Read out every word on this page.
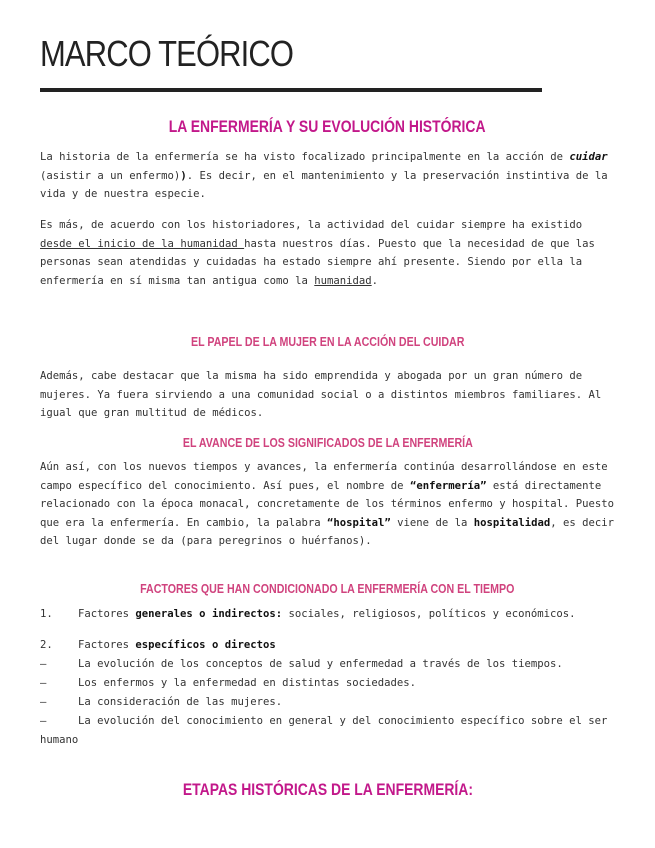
MARCO TEÓRICO
LA ENFERMERÍA Y SU EVOLUCIÓN HISTÓRICA

La historia de la enfermería se ha visto focalizado principalmente en la acción de cuidar
(asistir a un enfermo)). Es decir, en el mantenimiento y la preservación instintiva de la vida y de nuestra especie.

Es más, de acuerdo con los historiadores, la actividad del cuidar siempre ha existido
desde el inicio de la humanidad hasta nuestros días. Puesto que la necesidad de que las personas sean atendidas y cuidadas ha estado siempre ahí presente. Siendo por ella la enfermería en sí misma tan antigua como la humanidad.

EL PAPEL DE LA MUJER EN LA ACCIÓN DEL CUIDAR

Además, cabe destacar que la misma ha sido emprendida y abogada por un gran número de
mujeres. Ya fuera sirviendo a una comunidad social o a distintos miembros familiares. Al
igual que gran multitud de médicos.

EL AVANCE DE LOS SIGNIFICADOS DE LA ENFERMERÍA

Aún así, con los nuevos tiempos y avances, la enfermería continúa desarrollándose en este
campo específico del conocimiento. Así pues, el nombre de “enfermería” está directamente
relacionado con la época monacal, concretamente de los términos enfermo y hospital. Puesto
que era la enfermería. En cambio, la palabra “hospital” viene de la hospitalidad, es decir
del lugar donde se da (para peregrinos o huérfanos).

FACTORES QUE HAN CONDICIONADO LA ENFERMERÍA CON EL TIEMPO
1. Factores generales o indirectos: sociales, religiosos, políticos y económicos.
2. Factores específicos o directos
–	La evolución de los conceptos de salud y enfermedad a través de los tiempos.
–	Los enfermos y la enfermedad en distintas sociedades.
–	La consideración de las mujeres.
–	La evolución del conocimiento en general y del conocimiento específico sobre el ser
humano
ETAPAS HISTÓRICAS DE LA ENFERMERÍA:
